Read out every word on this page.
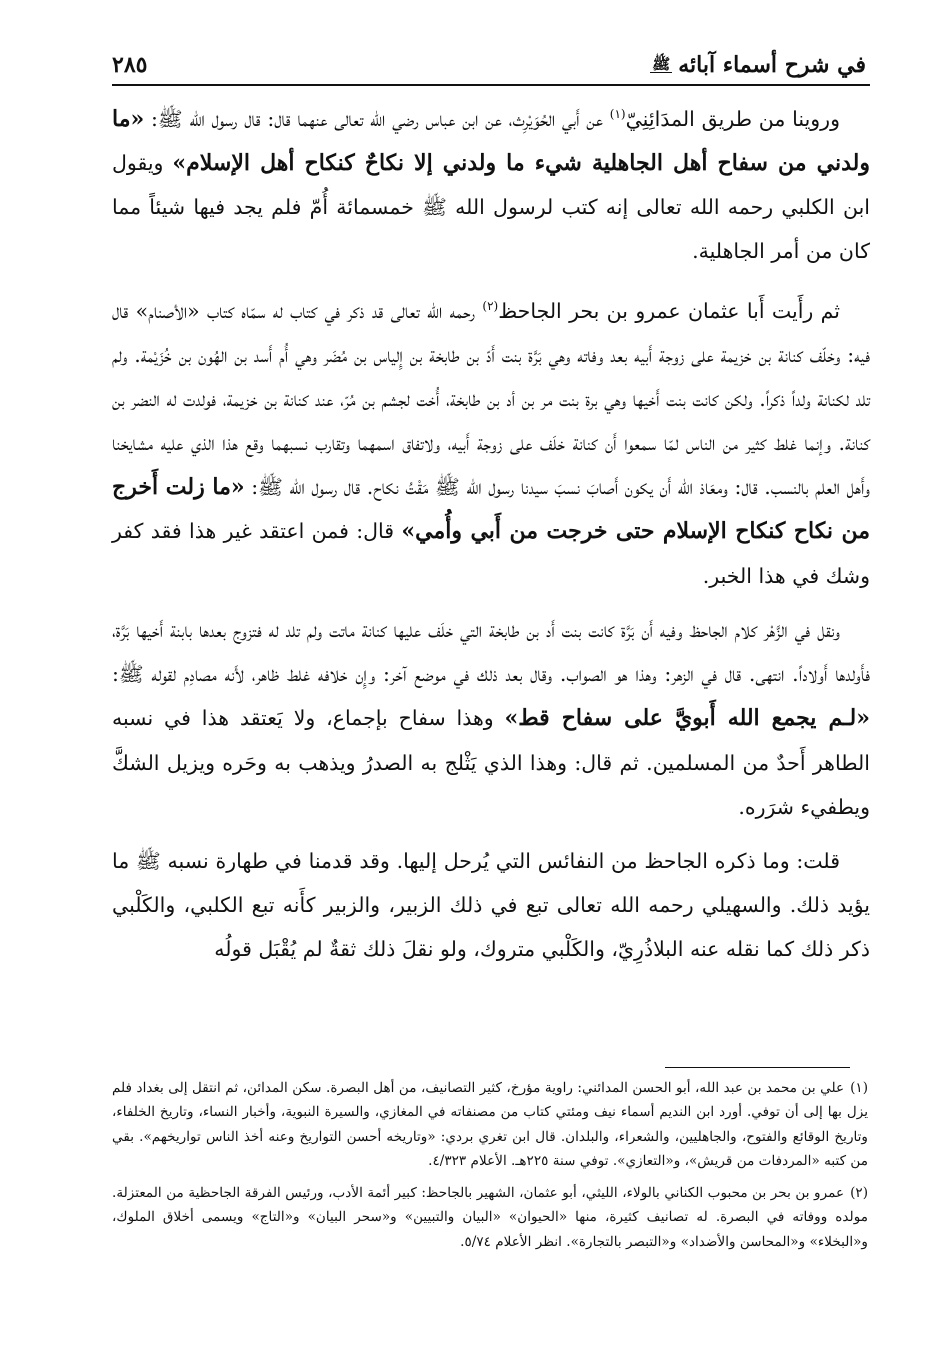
في شرح أسماء آبائه
ﷺ
٢٨٥

وروينا من طريق المدَائِنِيّ$^{(١)}$ عن أَبي الحُوَيْرِث، عن ابن عباس رضي الله تعالى عنهما قال: قال رسول الله ﷺ: «ما ولدني من سفاح أهل الجاهلية شيء ما ولدني إلا نكاحٌ كنكاح أهل الإسلام» ويقول ابن الكلبي رحمه الله تعالى إنه كتب لرسول الله ﷺ خمسمائة أُمّ فلم يجد فيها شيئاً مما كان من أمر الجاهلية.

ثم رأَيت أَبا عثمان عمرو بن بحر الجاحظ$^{(٢)}$ رحمه الله تعالى قد ذكر في كتاب له سمّاه كتاب «الأصنام» قال فيه: وخلّف كنانة بن خزيمة على زوجة أَبيه بعد وفاته وهي بَرَّة بنت أَدّ بن طابخة بن إِلياس بن مُضَر وهي أُم أَسد بن الهُون بن خُزَيْمة. ولم تلد لكنانة ولداً ذكراً. ولكن كانت بنت أَخيها وهي برة بنت مر بن أد بن طابخة، أُخت لجشم بن مُرّ، عند كنانة بن خزيمة، فولدت له النضر بن كنانة. وإنما غلط كثير من الناس لمّا سمعوا أَن كنانة خلَف على زوجة أَبيه، ولاتفاق اسمهما وتقارب نسبهما وقع هذا الذي عليه مشايخنا وأَهل العلم بالنسب. قال: ومعَاذ الله أَن يكون أَصابَ نسبَ سيدنا رسول الله ﷺ مَقْتُ نكاح. قال رسول الله ﷺ: «ما زلت أَخرج من نكاح كنكاح الإسلام حتى خرجت من أَبي وأُمي» قال: فمن اعتقد غير هذا فقد كفر وشك في هذا الخبر.

ونقل في الزَّهْر كلام الجاحظ وفيه أَن بَرَّة كانت بنت أَد بن طابخة التي خلَف عليها كنانة ماتت ولم تلد له فتزوج بعدها بابنة أَخيها بَرَّة، فأَولدها أَولاداً. انتهى. قال في الزهر: وهذا هو الصواب. وقال بعد ذلك في موضع آخر: وإِن خلافه غلط ظاهر، لأَنه مصادِم لقوله ﷺ: «لـم يجمع الله أَبويَّ على سفاح قط» وهذا سفاح بإجماع، ولا يَعتقد هذا في نسبه الطاهر أَحدٌ من المسلمين. ثم قال: وهذا الذي يَثْلج به الصدرُ ويذهب به وحَره ويزيل الشكَّ ويطفيء شرَره.

قلت: وما ذكره الجاحظ من النفائس التي يُرحل إليها. وقد قدمنا في طهارة نسبه ﷺ ما يؤيد ذلك. والسهيلي رحمه الله تعالى تبع في ذلك الزبير، والزبير كأَنه تبع الكلبي، والكَلْبي ذكر ذلك كما نقله عنه البلاذُرِيّ، والكَلْبي متروك، ولو نقلَ ذلك ثقةٌ لم يُقْبَل قولُه

(١)علي بن محمد بن عبد الله، أبو الحسن المدائني: راوية مؤرخ، كثير التصانيف، من أهل البصرة. سكن المدائن، ثم انتقل إلى بغداد فلم يزل بها إلى أن توفي. أورد ابن النديم أسماء نيف ومئتي كتاب من مصنفاته في المغازي، والسيرة النبوية، وأخبار النساء، وتاريخ الخلفاء، وتاريخ الوقائع والفتوح، والجاهليين، والشعراء، والبلدان. قال ابن تغري بردي: «وتاريخه أحسن التواريخ وعنه أخذ الناس تواريخهم». بقي من كتبه «المردفات من قريش»، و«التعازي». توفي سنة ٢٢٥هـ. الأعلام ٤/٣٢٣.
(٢)عمرو بن بحر بن محبوب الكناني بالولاء، الليثي، أبو عثمان، الشهير بالجاحظ: كبير أئمة الأدب، ورئيس الفرقة الجاحظية من المعتزلة. مولده ووفاته في البصرة. له تصانيف كثيرة، منها «الحيوان» «البيان والتبيين» و«سحر البيان» و«التاج» ويسمى أخلاق الملوك، و«البخلاء» و«المحاسن والأضداد» و«التبصر بالتجارة». انظر الأعلام ٥/٧٤.
